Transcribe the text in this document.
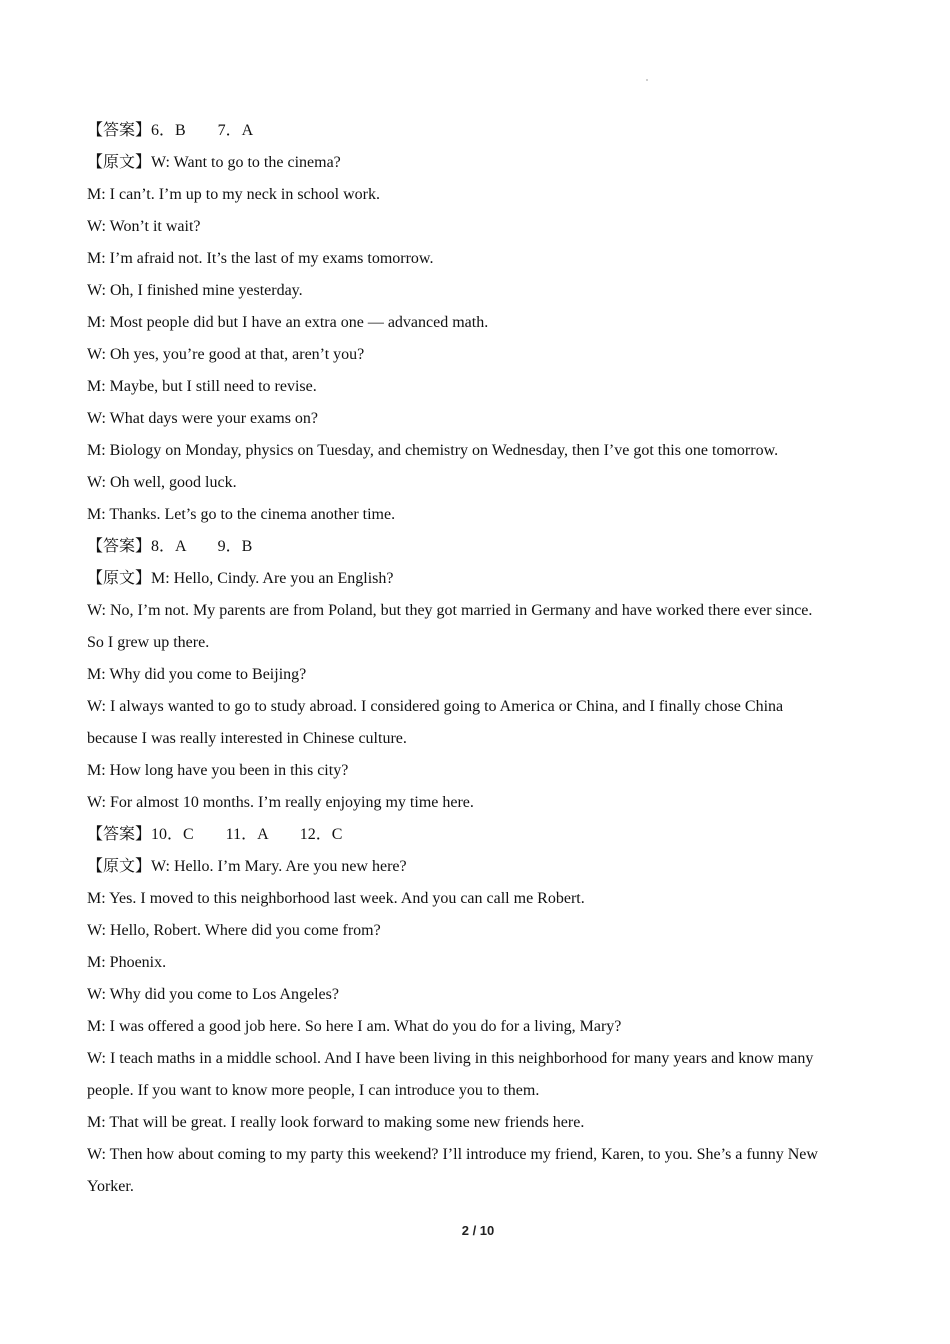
【答案】6．B　　7．A
【原文】W: Want to go to the cinema?
M: I can’t. I’m up to my neck in school work.
W: Won’t it wait?
M: I’m afraid not. It’s the last of my exams tomorrow.
W: Oh, I finished mine yesterday.
M: Most people did but I have an extra one — advanced math.
W: Oh yes, you’re good at that, aren’t you?
M: Maybe, but I still need to revise.
W: What days were your exams on?
M: Biology on Monday, physics on Tuesday, and chemistry on Wednesday, then I’ve got this one tomorrow.
W: Oh well, good luck.
M: Thanks. Let’s go to the cinema another time.
【答案】8．A　　9．B
【原文】M: Hello, Cindy. Are you an English?
W: No, I’m not. My parents are from Poland, but they got married in Germany and have worked there ever since.
So I grew up there.
M: Why did you come to Beijing?
W: I always wanted to go to study abroad. I considered going to America or China, and I finally chose China
because I was really interested in Chinese culture.
M: How long have you been in this city?
W: For almost 10 months. I’m really enjoying my time here.
【答案】10．C　　11．A　　12．C
【原文】W: Hello. I’m Mary. Are you new here?
M: Yes. I moved to this neighborhood last week. And you can call me Robert.
W: Hello, Robert. Where did you come from?
M: Phoenix.
W: Why did you come to Los Angeles?
M: I was offered a good job here. So here I am. What do you do for a living, Mary?
W: I teach maths in a middle school. And I have been living in this neighborhood for many years and know many
people. If you want to know more people, I can introduce you to them.
M: That will be great. I really look forward to making some new friends here.
W: Then how about coming to my party this weekend? I’ll introduce my friend, Karen, to you. She’s a funny New
Yorker.
2 / 10
